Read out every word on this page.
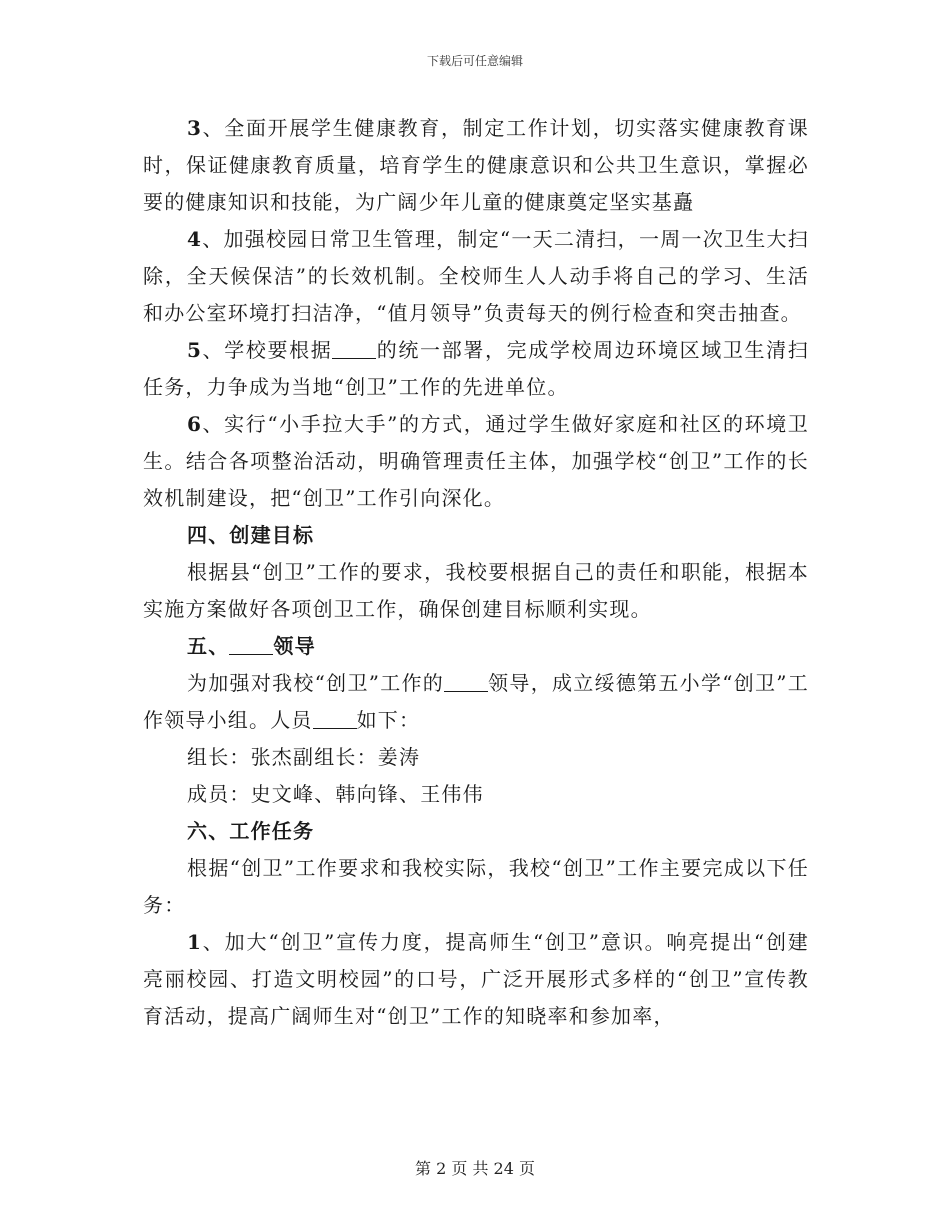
下载后可任意编辑

3、全面开展学生健康教育，制定工作计划，切实落实健康教育课时，保证健康教育质量，培育学生的健康意识和公共卫生意识，掌握必要的健康知识和技能，为广阔少年儿童的健康奠定坚实基矗

4、加强校园日常卫生管理，制定“一天二清扫，一周一次卫生大扫除，全天候保洁”的长效机制。全校师生人人动手将自己的学习、生活和办公室环境打扫洁净，“值月领导”负责每天的例行检查和突击抽查。

5、学校要根据 的统一部署，完成学校周边环境区域卫生清扫任务，力争成为当地“创卫”工作的先进单位。

6、实行“小手拉大手”的方式，通过学生做好家庭和社区的环境卫生。结合各项整治活动，明确管理责任主体，加强学校“创卫”工作的长效机制建设，把“创卫”工作引向深化。

四、创建目标

根据县“创卫”工作的要求，我校要根据自己的责任和职能，根据本实施方案做好各项创卫工作，确保创建目标顺利实现。

五、 领导

为加强对我校“创卫”工作的 领导，成立绥德第五小学“创卫”工作领导小组。人员 如下：

组长：张杰副组长：姜涛

成员：史文峰、韩向锋、王伟伟

六、工作任务

根据“创卫”工作要求和我校实际，我校“创卫”工作主要完成以下任务：

1、加大“创卫”宣传力度，提高师生“创卫”意识。响亮提出“创建亮丽校园、打造文明校园”的口号，广泛开展形式多样的“创卫”宣传教育活动，提高广阔师生对“创卫”工作的知晓率和参加率，

第 2 页 共 24 页
